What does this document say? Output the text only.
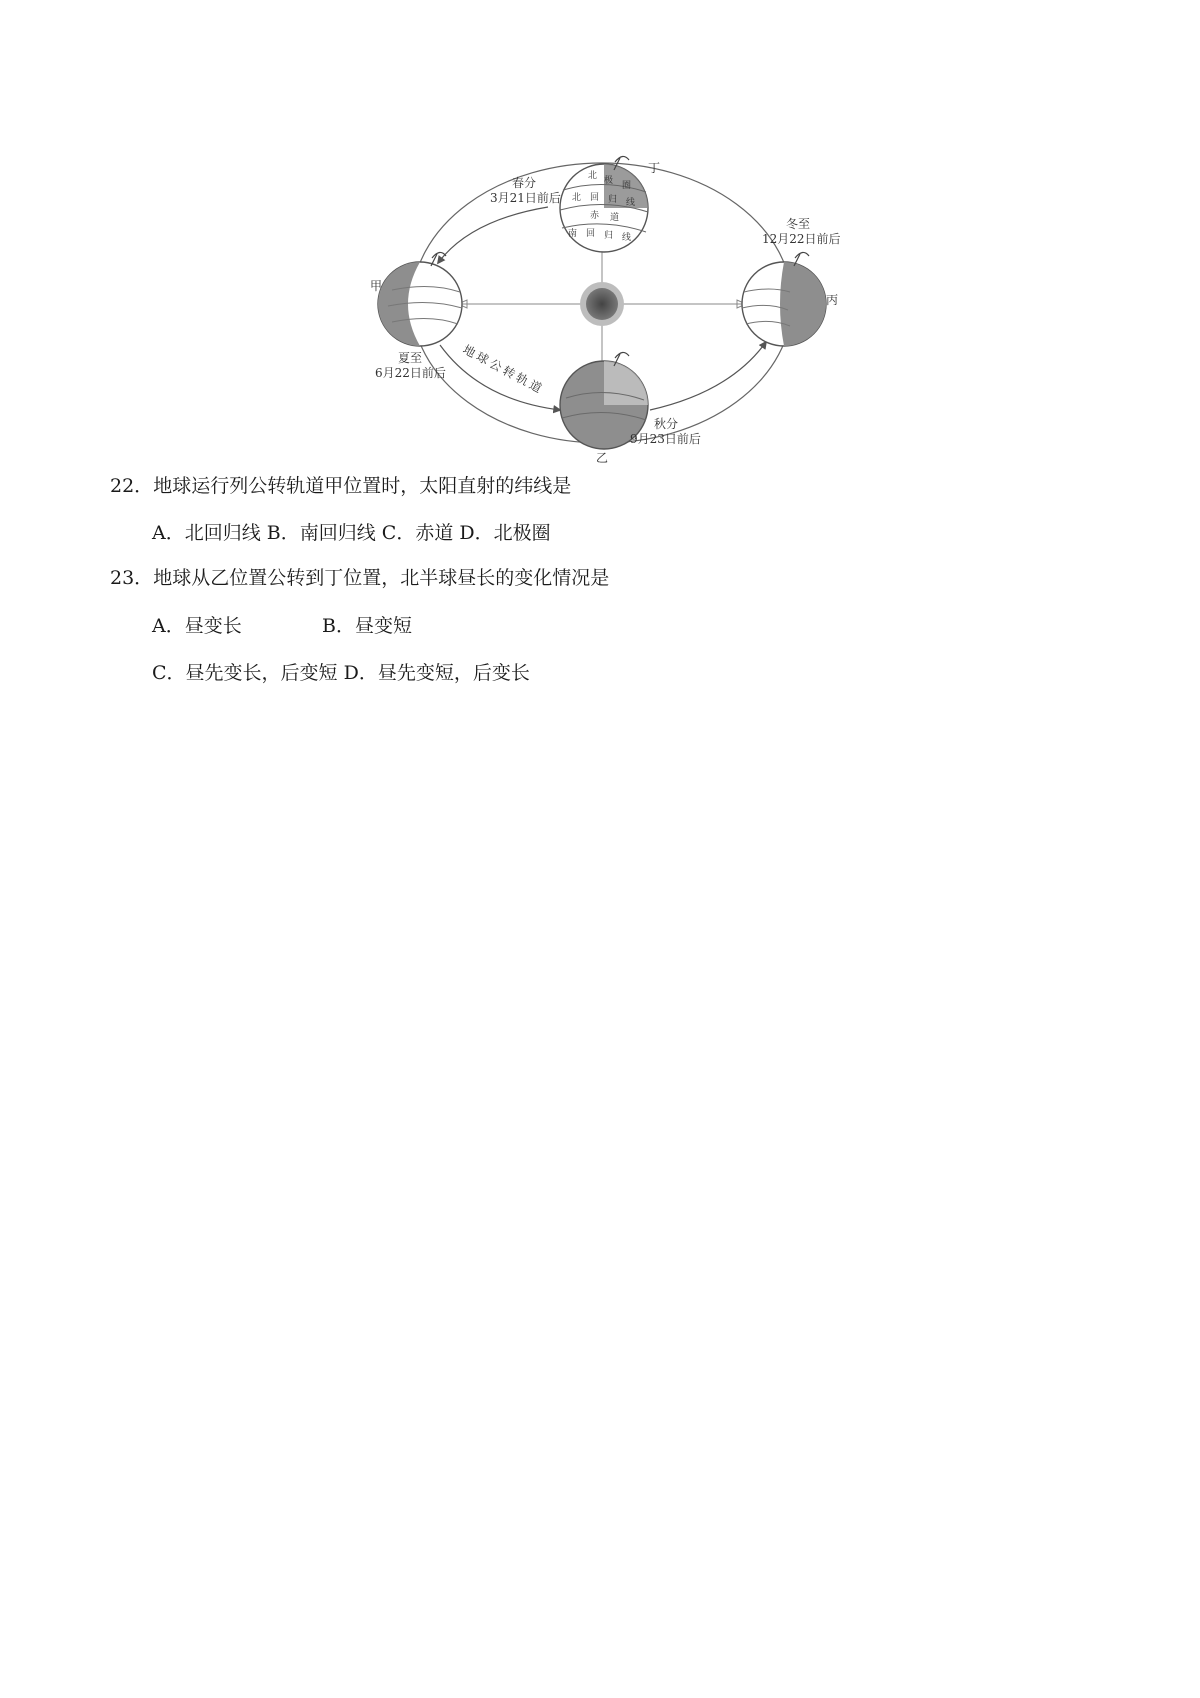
北 极 圈
北 回 归 线
赤 道
南 回 归 线
丁
春分
3月21日前后
甲
夏至
6月22日前后
丙
冬至
12月22日前后
乙
秋分
9月23日前后
地球公转轨道
22．地球运行列公转轨道甲位置时，太阳直射的纬线是
A．北回归线 B．南回归线 C．赤道 D．北极圈
23．地球从乙位置公转到丁位置，北半球昼长的变化情况是
A．昼变长	B．昼变短
C．昼先变长，后变短 D．昼先变短，后变长
